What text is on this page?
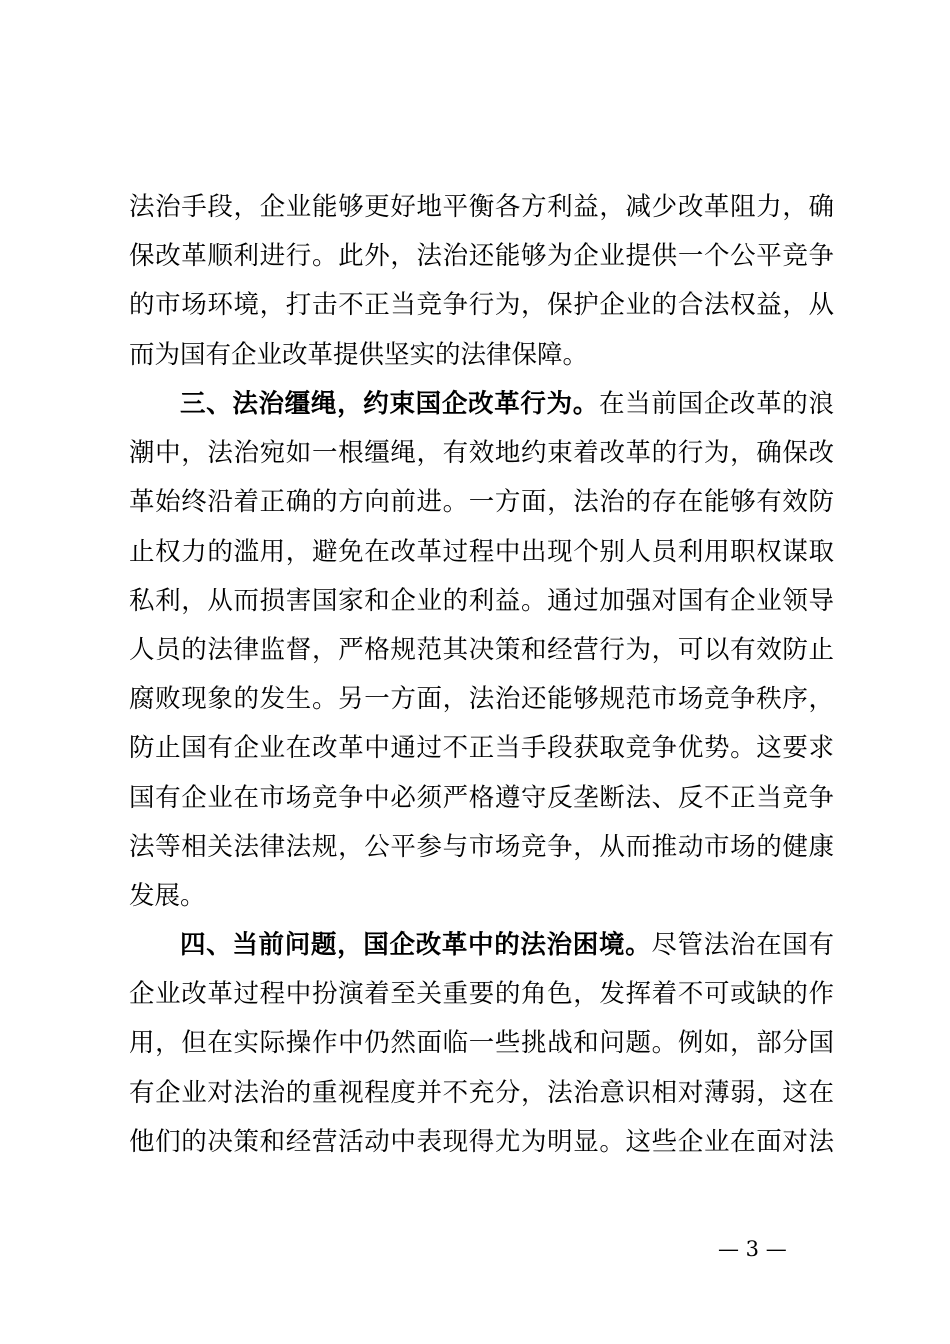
法治手段，企业能够更好地平衡各方利益，减少改革阻力，确
保改革顺利进行。此外，法治还能够为企业提供一个公平竞争
的市场环境，打击不正当竞争行为，保护企业的合法权益，从
而为国有企业改革提供坚实的法律保障。
三、法治缰绳，约束国企改革行为。在当前国企改革的浪
潮中，法治宛如一根缰绳，有效地约束着改革的行为，确保改
革始终沿着正确的方向前进。一方面，法治的存在能够有效防
止权力的滥用，避免在改革过程中出现个别人员利用职权谋取
私利，从而损害国家和企业的利益。通过加强对国有企业领导
人员的法律监督，严格规范其决策和经营行为，可以有效防止
腐败现象的发生。另一方面，法治还能够规范市场竞争秩序，
防止国有企业在改革中通过不正当手段获取竞争优势。这要求
国有企业在市场竞争中必须严格遵守反垄断法、反不正当竞争
法等相关法律法规，公平参与市场竞争，从而推动市场的健康
发展。
四、当前问题，国企改革中的法治困境。尽管法治在国有
企业改革过程中扮演着至关重要的角色，发挥着不可或缺的作
用，但在实际操作中仍然面临一些挑战和问题。例如，部分国
有企业对法治的重视程度并不充分，法治意识相对薄弱，这在
他们的决策和经营活动中表现得尤为明显。这些企业在面对法
— 3 —
